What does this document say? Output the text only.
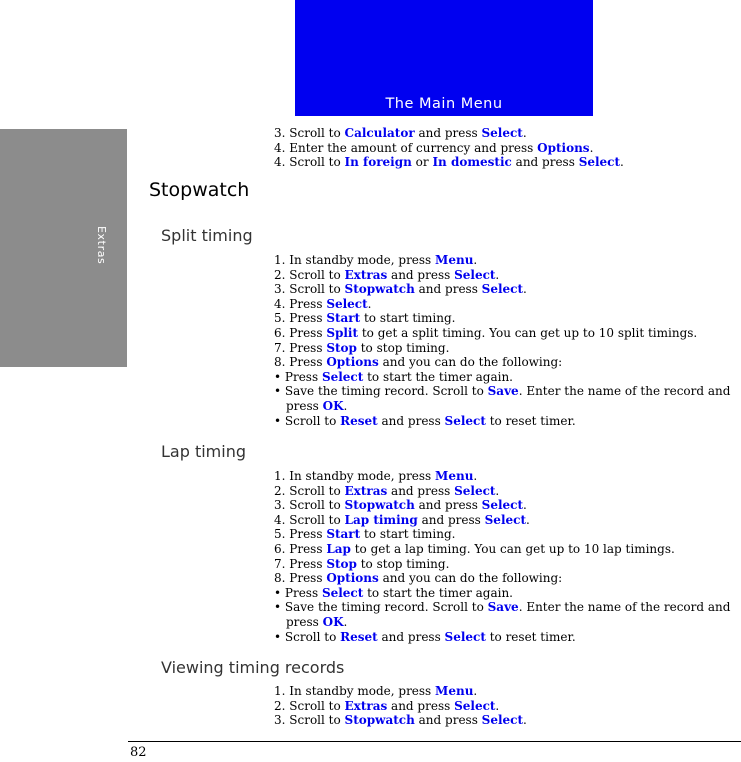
The Main Menu
Extras
3. Scroll to Calculator and press Select.
4. Enter the amount of currency and press Options.
4. Scroll to In foreign or In domestic and press Select.
Stopwatch
Split timing
1. In standby mode, press Menu.
2. Scroll to Extras and press Select.
3. Scroll to Stopwatch and press Select.
4. Press Select.
5. Press Start to start timing.
6. Press Split to get a split timing. You can get up to 10 split timings.
7. Press Stop to stop timing.
8. Press Options and you can do the following:
• Press Select to start the timer again.
• Save the timing record. Scroll to Save. Enter the name of the record and
press OK.
• Scroll to Reset and press Select to reset timer.
Lap timing
1. In standby mode, press Menu.
2. Scroll to Extras and press Select.
3. Scroll to Stopwatch and press Select.
4. Scroll to Lap timing and press Select.
5. Press Start to start timing.
6. Press Lap to get a lap timing. You can get up to 10 lap timings.
7. Press Stop to stop timing.
8. Press Options and you can do the following:
• Press Select to start the timer again.
• Save the timing record. Scroll to Save. Enter the name of the record and
press OK.
• Scroll to Reset and press Select to reset timer.
Viewing timing records
1. In standby mode, press Menu.
2. Scroll to Extras and press Select.
3. Scroll to Stopwatch and press Select.
82
